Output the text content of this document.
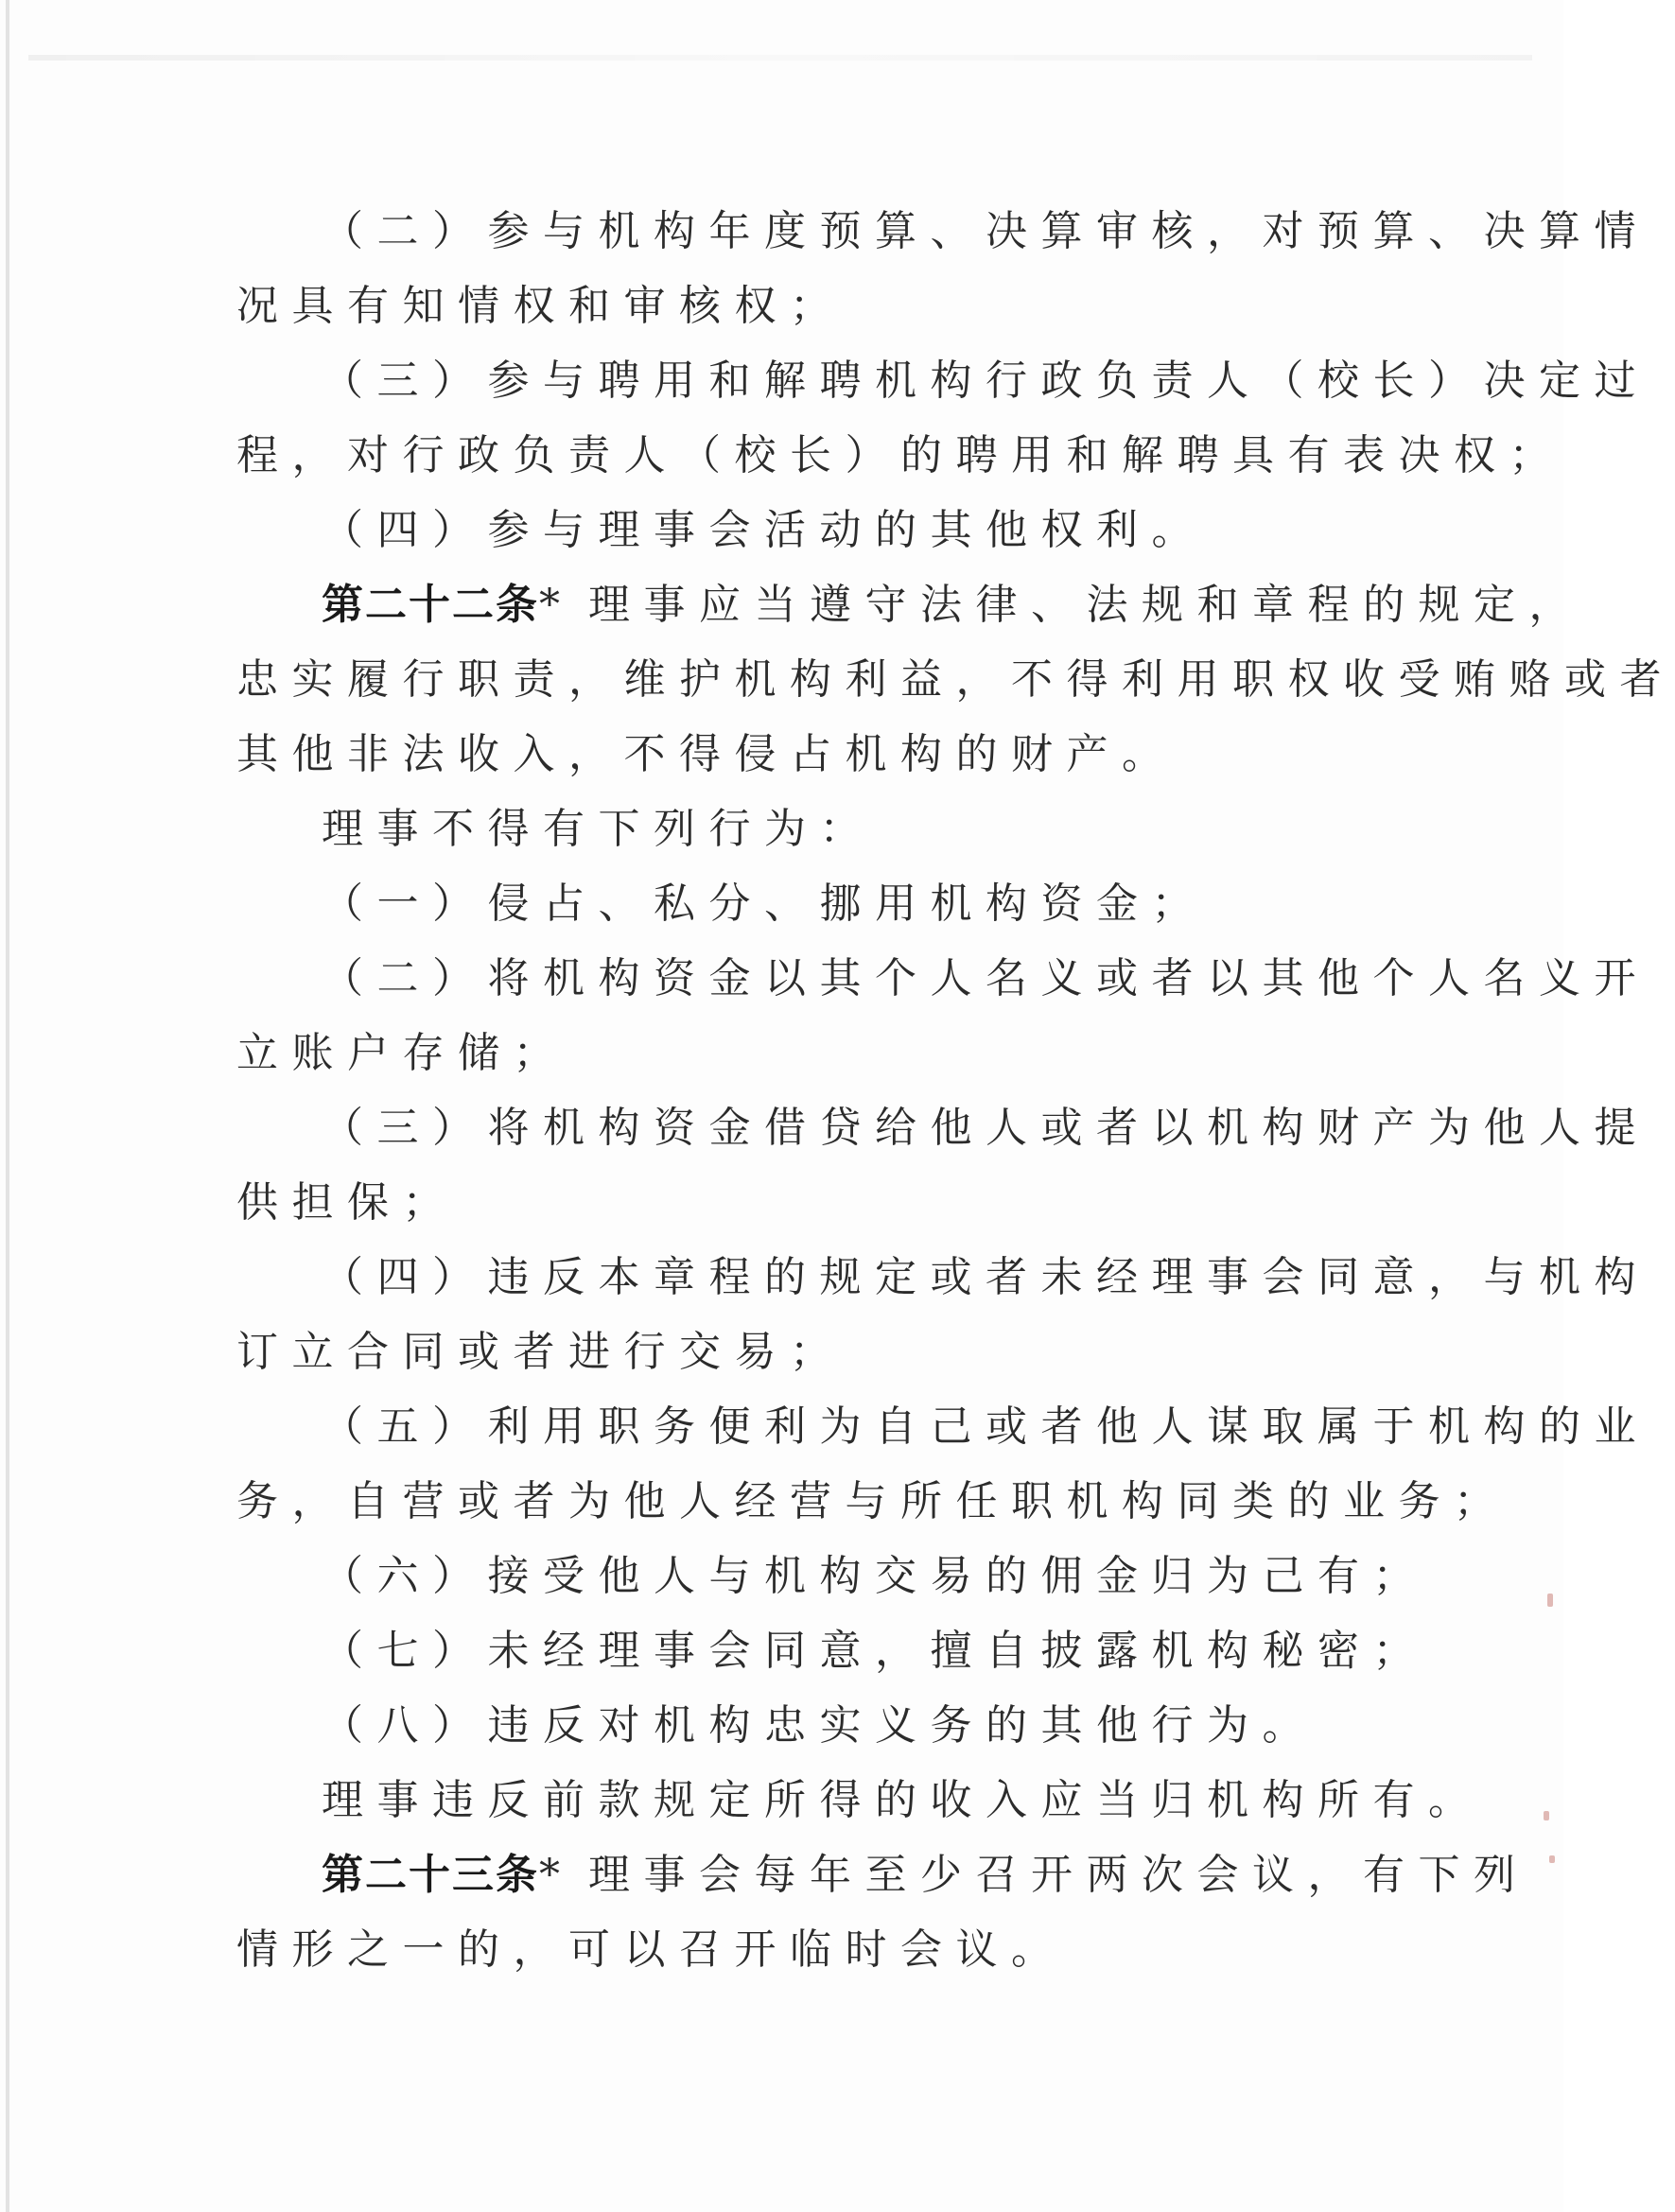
（二）参与机构年度预算、决算审核，对预算、决算情
况具有知情权和审核权；
（三）参与聘用和解聘机构行政负责人（校长）决定过
程，对行政负责人（校长）的聘用和解聘具有表决权；
（四）参与理事会活动的其他权利。
第二十二条* 理事应当遵守法律、法规和章程的规定，
忠实履行职责，维护机构利益，不得利用职权收受贿赂或者
其他非法收入，不得侵占机构的财产。
理事不得有下列行为：
（一）侵占、私分、挪用机构资金；
（二）将机构资金以其个人名义或者以其他个人名义开
立账户存储；
（三）将机构资金借贷给他人或者以机构财产为他人提
供担保；
（四）违反本章程的规定或者未经理事会同意，与机构
订立合同或者进行交易；
（五）利用职务便利为自己或者他人谋取属于机构的业
务，自营或者为他人经营与所任职机构同类的业务；
（六）接受他人与机构交易的佣金归为己有；
（七）未经理事会同意，擅自披露机构秘密；
（八）违反对机构忠实义务的其他行为。
理事违反前款规定所得的收入应当归机构所有。
第二十三条* 理事会每年至少召开两次会议，有下列
情形之一的，可以召开临时会议。
